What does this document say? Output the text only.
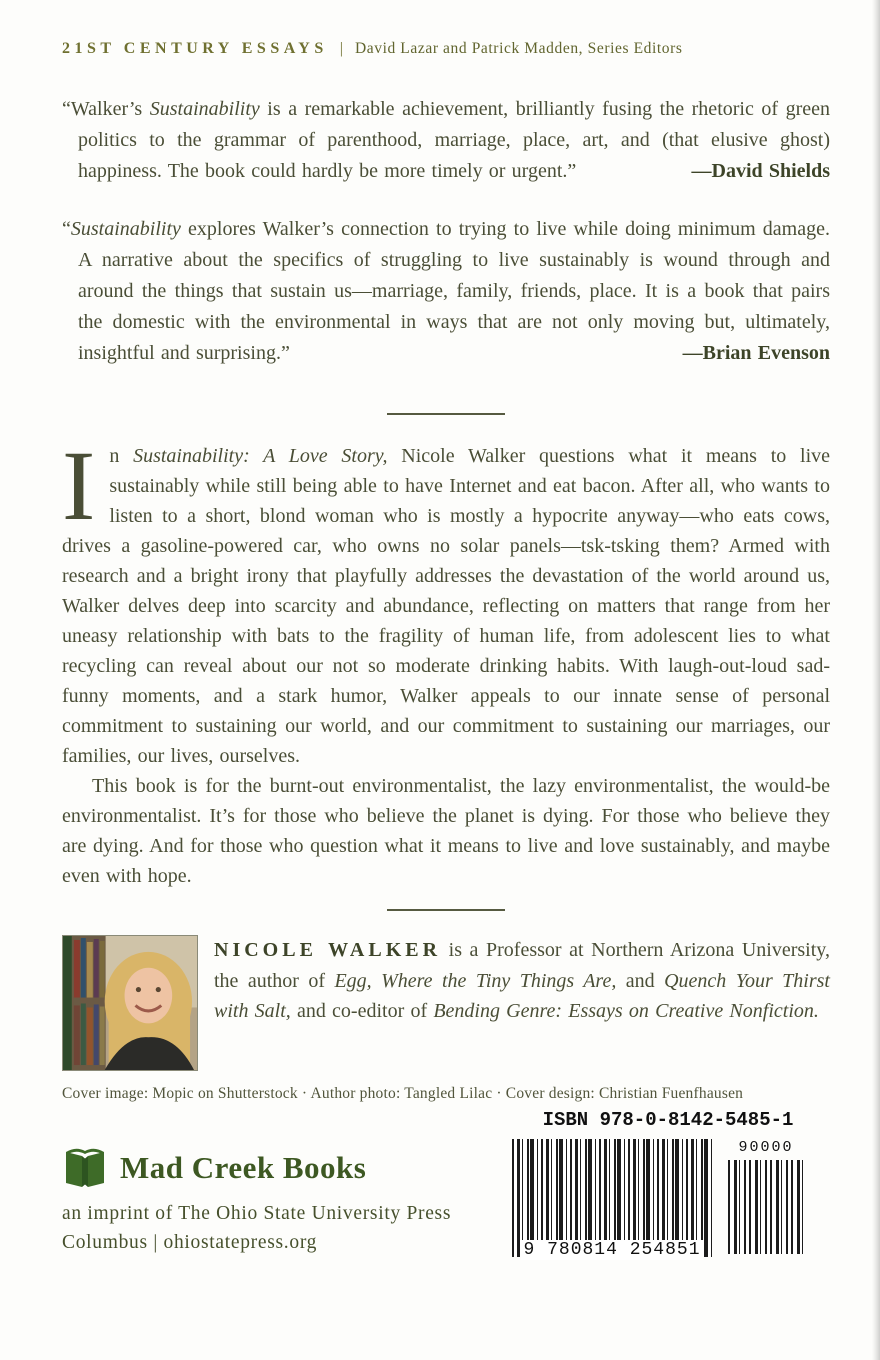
21ST CENTURY ESSAYS | David Lazar and Patrick Madden, Series Editors

“Walker’s Sustainability is a remarkable achievement, brilliantly fusing the rhetoric of green politics to the grammar of parenthood, marriage, place, art, and (that elusive ghost) happiness. The book could hardly be more timely or urgent.”	—David Shields

“Sustainability explores Walker’s connection to trying to live while doing minimum damage. A narrative about the specifics of struggling to live sustainably is wound through and around the things that sustain us—marriage, family, friends, place. It is a book that pairs the domestic with the environmental in ways that are not only moving but, ultimately, insightful and surprising.”	—Brian Evenson

I n Sustainability: A Love Story, Nicole Walker questions what it means to live sustainably while still being able to have Internet and eat bacon. After all, who wants to listen to a short, blond woman who is mostly a hypocrite anyway—who eats cows, drives a gasoline-powered car, who owns no solar panels—tsk-tsking them? Armed with research and a bright irony that playfully addresses the devastation of the world around us, Walker delves deep into scarcity and abundance, reflecting on matters that range from her uneasy relationship with bats to the fragility of human life, from adolescent lies to what recycling can reveal about our not so moderate drinking habits. With laugh-out-loud sad-funny moments, and a stark humor, Walker appeals to our innate sense of personal commitment to sustaining our world, and our commitment to sustaining our marriages, our families, our lives, ourselves.

This book is for the burnt-out environmentalist, the lazy environmentalist, the would-be environmentalist. It’s for those who believe the planet is dying. For those who believe they are dying. And for those who question what it means to live and love sustainably, and maybe even with hope.

NICOLE WALKER is a Professor at Northern Arizona University, the author of Egg, Where the Tiny Things Are, and Quench Your Thirst with Salt, and co-editor of Bending Genre: Essays on Creative Nonfiction.
Cover image: Mopic on Shutterstock · Author photo: Tangled Lilac · Cover design: Christian Fuenfhausen
Mad Creek Books
an imprint of The Ohio State University Press
Columbus | ohiostatepress.org
ISBN 978-0-8142-5485-1
9 780814 254851
90000
